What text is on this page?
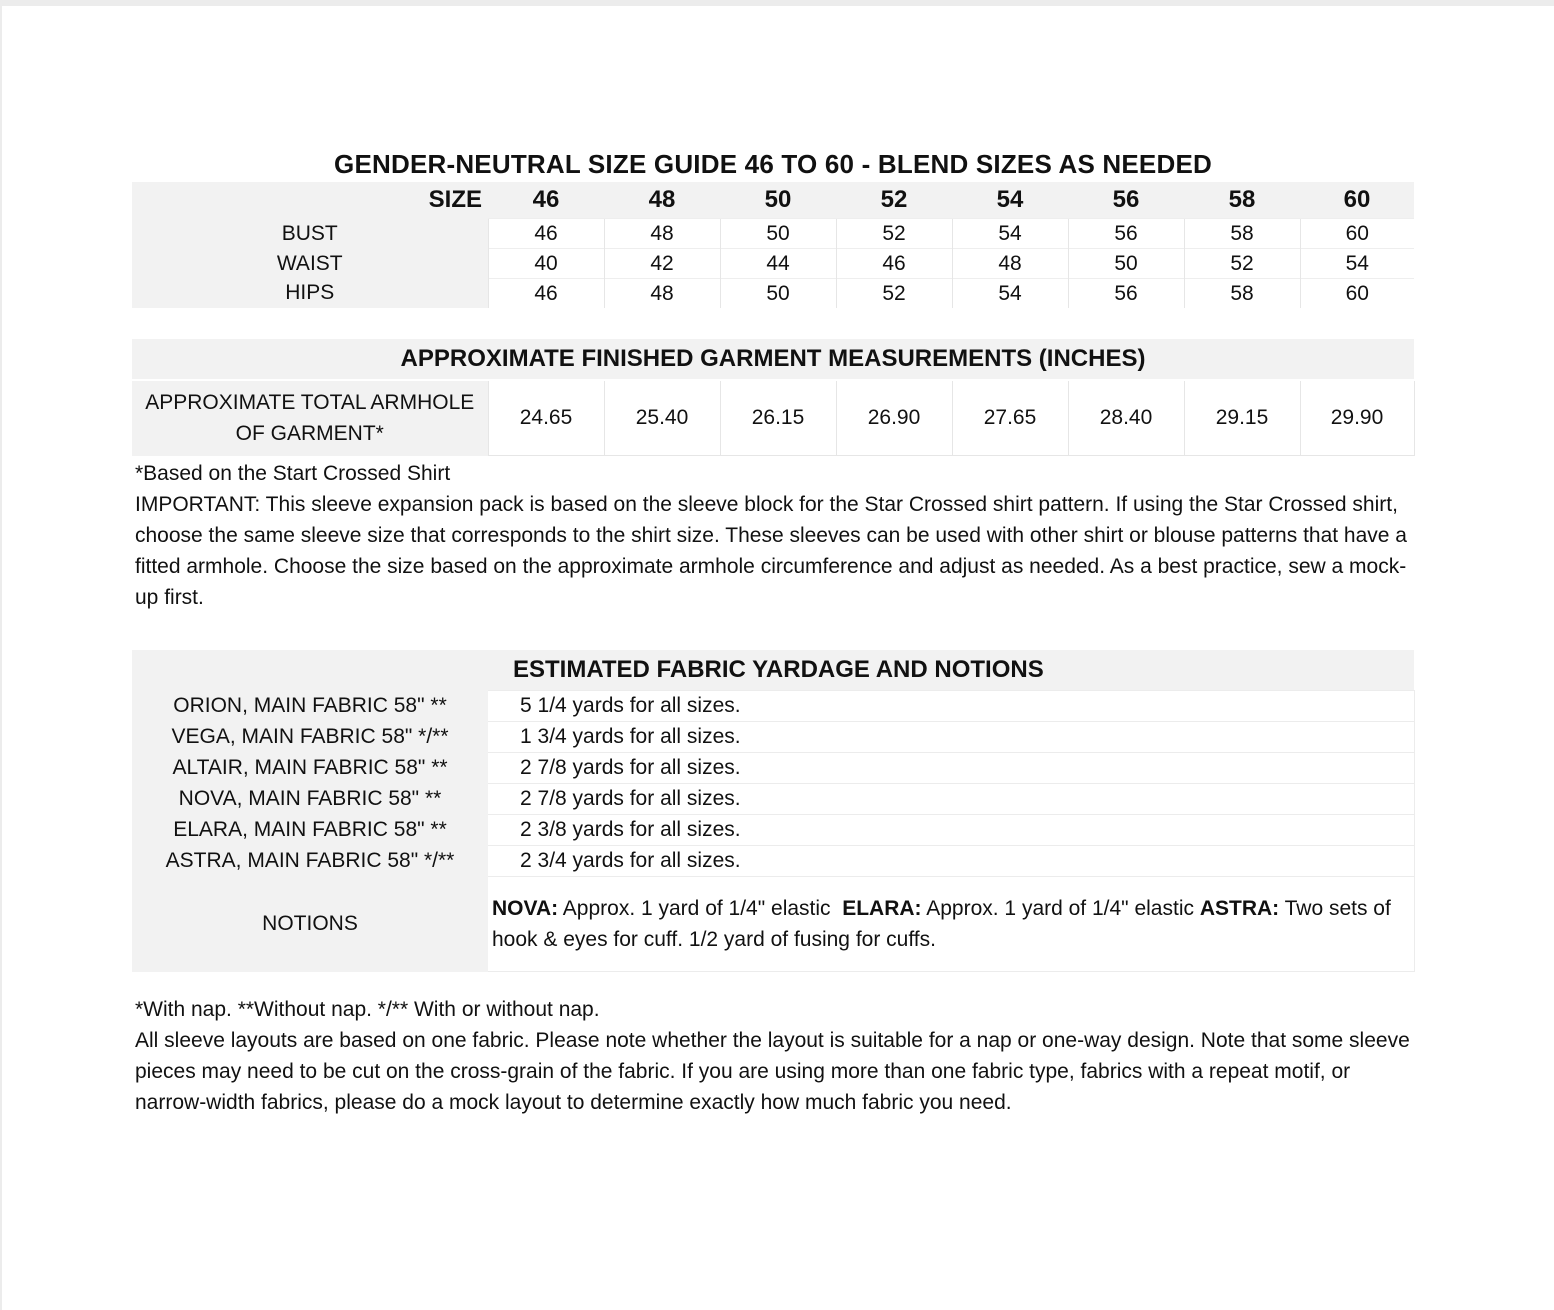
GENDER-NEUTRAL SIZE GUIDE 46 TO 60 - BLEND SIZES AS NEEDED
SIZE	46	48	50	52	54	56	58	60
BUST	46	48	50	52	54	56	58	60
WAIST	40	42	44	46	48	50	52	54
HIPS	46	48	50	52	54	56	58	60
APPROXIMATE FINISHED GARMENT MEASUREMENTS (INCHES)
APPROXIMATE TOTAL ARMHOLE
OF GARMENT*	24.65	25.40	26.15	26.90	27.65	28.40	29.15	29.90
*Based on the Start Crossed Shirt
IMPORTANT: This sleeve expansion pack is based on the sleeve block for the Star Crossed shirt pattern. If using the Star Crossed shirt, choose the same sleeve size that corresponds to the shirt size. These sleeves can be used with other shirt or blouse patterns that have a fitted armhole. Choose the size based on the approximate armhole circumference and adjust as needed. As a best practice, sew a mock-up first.
	ESTIMATED FABRIC YARDAGE AND NOTIONS
ORION, MAIN FABRIC 58" **	5 1/4 yards for all sizes.
VEGA, MAIN FABRIC 58" */**	1 3/4 yards for all sizes.
ALTAIR, MAIN FABRIC 58" **	2 7/8 yards for all sizes.
NOVA, MAIN FABRIC 58" **	2 7/8 yards for all sizes.
ELARA, MAIN FABRIC 58" **	2 3/8 yards for all sizes.
ASTRA, MAIN FABRIC 58" */**	2 3/4 yards for all sizes.
NOTIONS	NOVA: Approx. 1 yard of 1/4" elastic  ELARA: Approx. 1 yard of 1/4" elastic ASTRA: Two sets of hook & eyes for cuff. 1/2 yard of fusing for cuffs.
*With nap. **Without nap. */** With or without nap.
All sleeve layouts are based on one fabric. Please note whether the layout is suitable for a nap or one-way design. Note that some sleeve pieces may need to be cut on the cross-grain of the fabric. If you are using more than one fabric type, fabrics with a repeat motif, or narrow-width fabrics, please do a mock layout to determine exactly how much fabric you need.
